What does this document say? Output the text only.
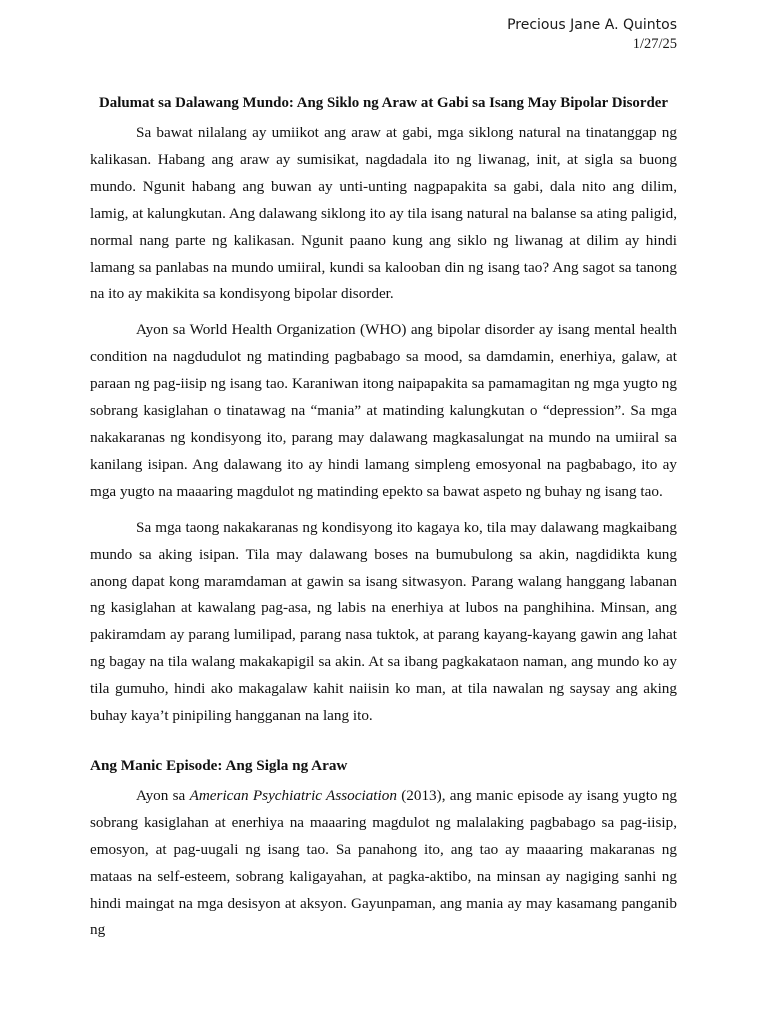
Precious Jane A. Quintos
1/27/25
Dalumat sa Dalawang Mundo: Ang Siklo ng Araw at Gabi sa Isang May Bipolar Disorder

Sa bawat nilalang ay umiikot ang araw at gabi, mga siklong natural na tinatanggap ng kalikasan. Habang ang araw ay sumisikat, nagdadala ito ng liwanag, init, at sigla sa buong mundo. Ngunit habang ang buwan ay unti-unting nagpapakita sa gabi, dala nito ang dilim, lamig, at kalungkutan. Ang dalawang siklong ito ay tila isang natural na balanse sa ating paligid, normal nang parte ng kalikasan. Ngunit paano kung ang siklo ng liwanag at dilim ay hindi lamang sa panlabas na mundo umiiral, kundi sa kalooban din ng isang tao? Ang sagot sa tanong na ito ay makikita sa kondisyong bipolar disorder.

Ayon sa World Health Organization (WHO) ang bipolar disorder ay isang mental health condition na nagdudulot ng matinding pagbabago sa mood, sa damdamin, enerhiya, galaw, at paraan ng pag-iisip ng isang tao. Karaniwan itong naipapakita sa pamamagitan ng mga yugto ng sobrang kasiglahan o tinatawag na “mania” at matinding kalungkutan o “depression”. Sa mga nakakaranas ng kondisyong ito, parang may dalawang magkasalungat na mundo na umiiral sa kanilang isipan. Ang dalawang ito ay hindi lamang simpleng emosyonal na pagbabago, ito ay mga yugto na maaaring magdulot ng matinding epekto sa bawat aspeto ng buhay ng isang tao.

Sa mga taong nakakaranas ng kondisyong ito kagaya ko, tila may dalawang magkaibang mundo sa aking isipan. Tila may dalawang boses na bumubulong sa akin, nagdidikta kung anong dapat kong maramdaman at gawin sa isang sitwasyon. Parang walang hanggang labanan ng kasiglahan at kawalang pag-asa, ng labis na enerhiya at lubos na panghihina. Minsan, ang pakiramdam ay parang lumilipad, parang nasa tuktok, at parang kayang-kayang gawin ang lahat ng bagay na tila walang makakapigil sa akin. At sa ibang pagkakataon naman, ang mundo ko ay tila gumuho, hindi ako makagalaw kahit naiisin ko man, at tila nawalan ng saysay ang aking buhay kaya’t pinipiling hangganan na lang ito.

Ang Manic Episode: Ang Sigla ng Araw

Ayon sa American Psychiatric Association (2013), ang manic episode ay isang yugto ng sobrang kasiglahan at enerhiya na maaaring magdulot ng malalaking pagbabago sa pag-iisip, emosyon, at pag-uugali ng isang tao. Sa panahong ito, ang tao ay maaaring makaranas ng mataas na self-esteem, sobrang kaligayahan, at pagka-aktibo, na minsan ay nagiging sanhi ng hindi maingat na mga desisyon at aksyon. Gayunpaman, ang mania ay may kasamang panganib ng
